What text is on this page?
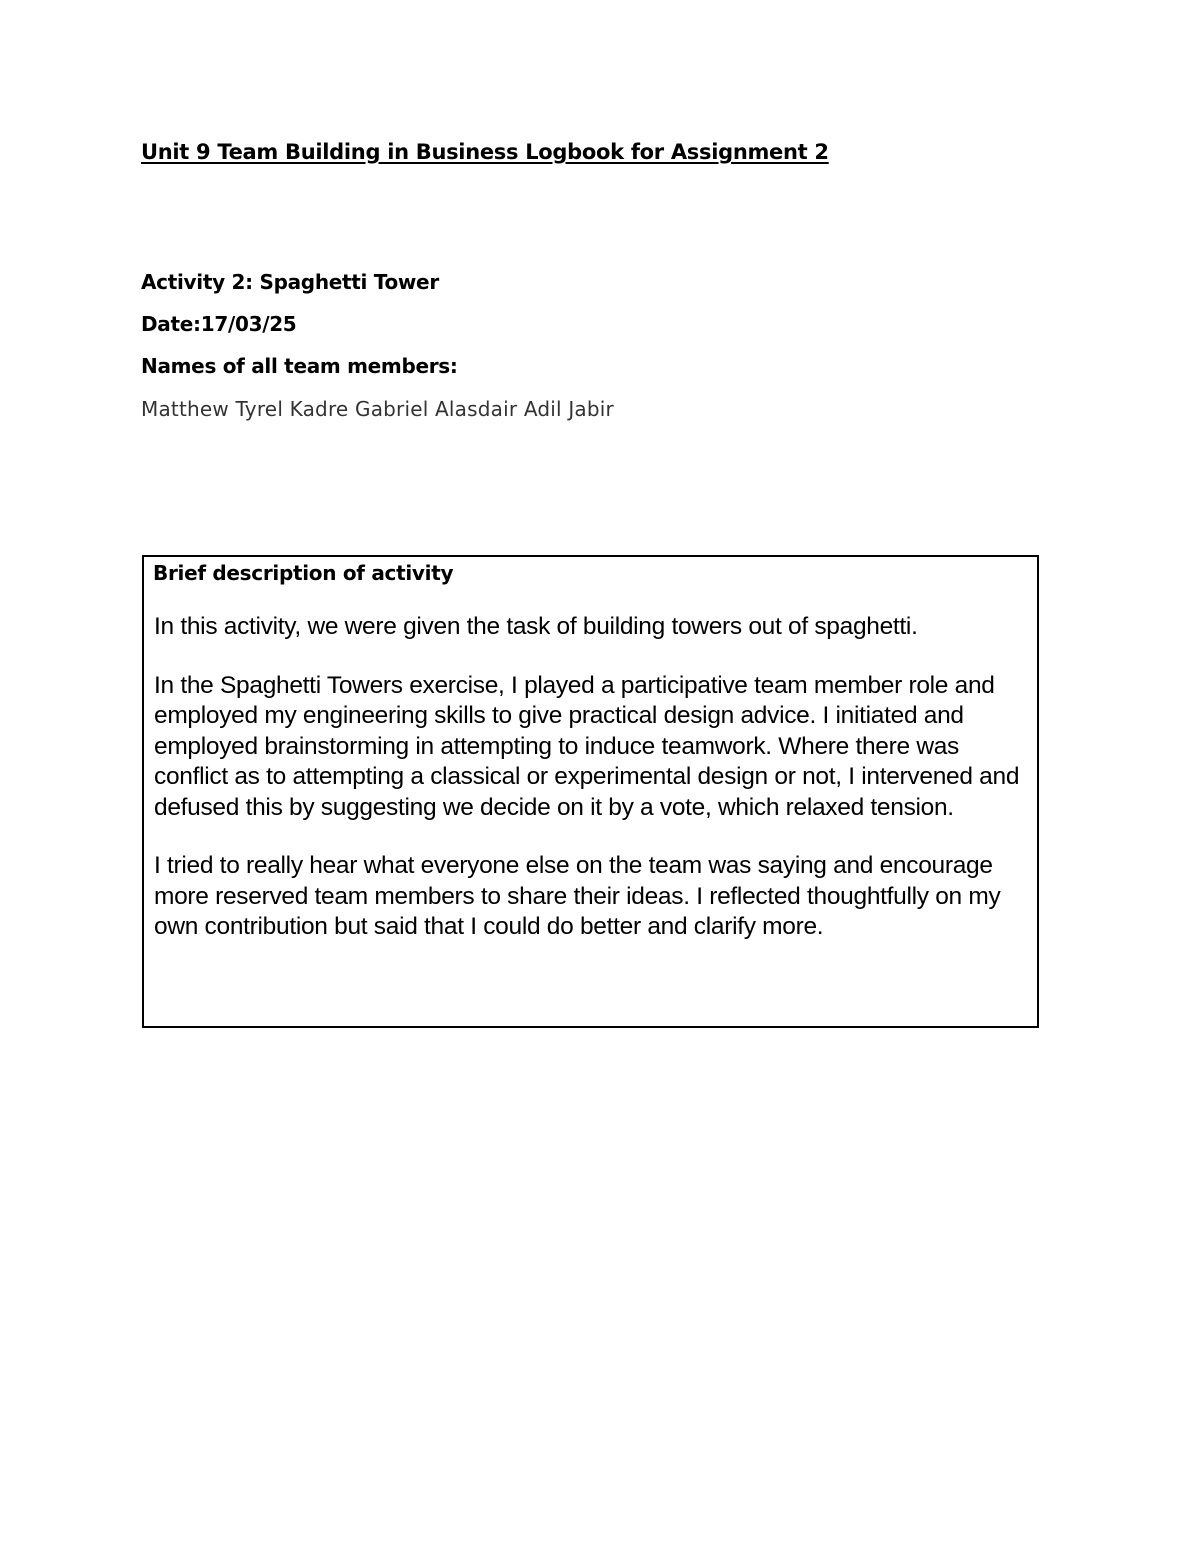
Unit 9 Team Building in Business Logbook for Assignment 2

Activity 2: Spaghetti Tower

Date:17/03/25

Names of all team members:

Matthew Tyrel Kadre Gabriel Alasdair Adil Jabir

Brief description of activity

In this activity, we were given the task of building towers out of spaghetti.

In the Spaghetti Towers exercise, I played a participative team member role and employed my engineering skills to give practical design advice. I initiated and employed brainstorming in attempting to induce teamwork. Where there was conflict as to attempting a classical or experimental design or not, I intervened and defused this by suggesting we decide on it by a vote, which relaxed tension.

I tried to really hear what everyone else on the team was saying and encourage more reserved team members to share their ideas. I reflected thoughtfully on my own contribution but said that I could do better and clarify more.
